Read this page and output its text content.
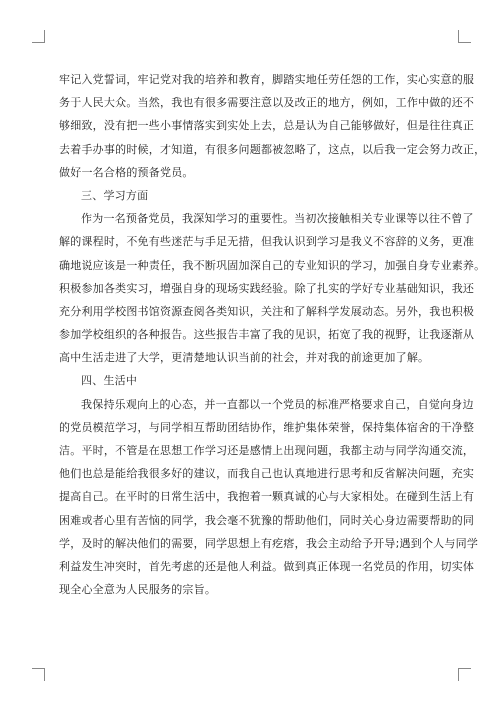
牢记入党誓词，牢记党对我的培养和教育，脚踏实地任劳任怨的工作，实心实意的服
务于人民大众。当然，我也有很多需要注意以及改正的地方，例如，工作中做的还不
够细致，没有把一些小事情落实到实处上去，总是认为自己能够做好，但是往往真正
去着手办事的时候，才知道，有很多问题都被忽略了，这点，以后我一定会努力改正，
做好一名合格的预备党员。
三、学习方面
作为一名预备党员，我深知学习的重要性。当初次接触相关专业课等以往不曾了
解的课程时，不免有些迷茫与手足无措，但我认识到学习是我义不容辞的义务，更准
确地说应该是一种责任，我不断巩固加深自己的专业知识的学习，加强自身专业素养。
积极参加各类实习，增强自身的现场实践经验。除了扎实的学好专业基础知识，我还
充分利用学校图书馆资源查阅各类知识，关注和了解科学发展动态。另外，我也积极
参加学校组织的各种报告。这些报告丰富了我的见识，拓宽了我的视野，让我逐渐从
高中生活走进了大学，更清楚地认识当前的社会，并对我的前途更加了解。
四、生活中
我保持乐观向上的心态，并一直都以一个党员的标准严格要求自己，自觉向身边
的党员模范学习，与同学相互帮助团结协作，维护集体荣誉，保持集体宿舍的干净整
洁。平时，不管是在思想工作学习还是感情上出现问题，我都主动与同学沟通交流，
他们也总是能给我很多好的建议，而我自己也认真地进行思考和反省解决问题，充实
提高自己。在平时的日常生活中，我抱着一颗真诚的心与大家相处。在碰到生活上有
困难或者心里有苦恼的同学，我会毫不犹豫的帮助他们，同时关心身边需要帮助的同
学，及时的解决他们的需要，同学思想上有疙瘩，我会主动给予开导;遇到个人与同学
利益发生冲突时，首先考虑的还是他人利益。做到真正体现一名党员的作用，切实体
现全心全意为人民服务的宗旨。
